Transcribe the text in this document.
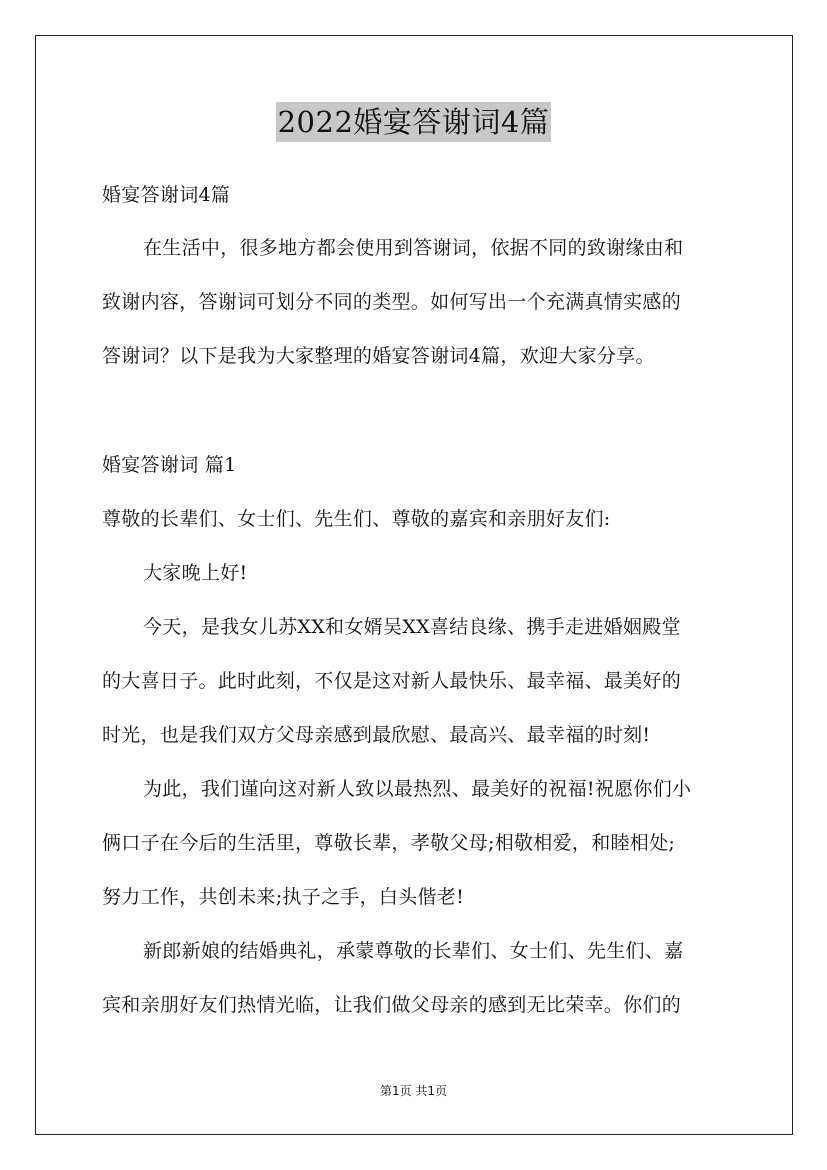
2022婚宴答谢词4篇
婚宴答谢词4篇
在生活中，很多地方都会使用到答谢词，依据不同的致谢缘由和
致谢内容，答谢词可划分不同的类型。如何写出一个充满真情实感的
答谢词？以下是我为大家整理的婚宴答谢词4篇，欢迎大家分享。
婚宴答谢词 篇1
尊敬的长辈们、女士们、先生们、尊敬的嘉宾和亲朋好友们:
大家晚上好!
今天，是我女儿苏XX和女婿吴XX喜结良缘、携手走进婚姻殿堂
的大喜日子。此时此刻，不仅是这对新人最快乐、最幸福、最美好的
时光，也是我们双方父母亲感到最欣慰、最高兴、最幸福的时刻!
为此，我们谨向这对新人致以最热烈、最美好的祝福!祝愿你们小
俩口子在今后的生活里，尊敬长辈，孝敬父母;相敬相爱，和睦相处;
努力工作，共创未来;执子之手，白头偕老!
新郎新娘的结婚典礼，承蒙尊敬的长辈们、女士们、先生们、嘉
宾和亲朋好友们热情光临，让我们做父母亲的感到无比荣幸。你们的
第1页 共1页
